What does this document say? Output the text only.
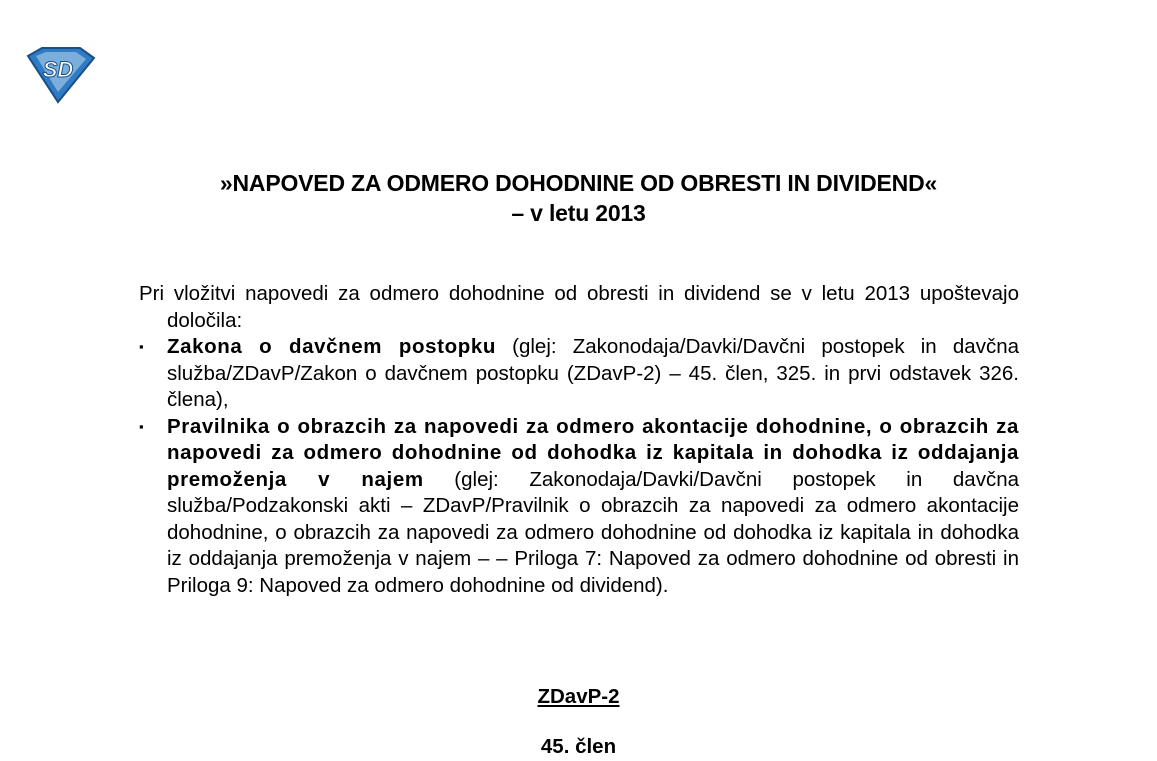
SD
»NAPOVED ZA ODMERO DOHODNINE OD OBRESTI IN DIVIDEND«
– v letu 2013

Pri vložitvi napovedi za odmero dohodnine od obresti in dividend se v letu 2013 upoštevajo določila:

▪ Zakona o davčnem postopku (glej: Zakonodaja/Davki/Davčni postopek in davčna služba/ZDavP/Zakon o davčnem postopku (ZDavP-2) – 45. člen, 325. in prvi odstavek 326. člena),
▪ Pravilnika o obrazcih za napovedi za odmero akontacije dohodnine, o obrazcih za napovedi za odmero dohodnine od dohodka iz kapitala in dohodka iz oddajanja premoženja v najem (glej: Zakonodaja/Davki/Davčni postopek in davčna služba/Podzakonski akti – ZDavP/Pravilnik o obrazcih za napovedi za odmero akontacije dohodnine, o obrazcih za napovedi za odmero dohodnine od dohodka iz kapitala in dohodka iz oddajanja premoženja v najem – – Priloga 7: Napoved za odmero dohodnine od obresti in Priloga 9: Napoved za odmero dohodnine od dividend).
ZDavP-2
45. člen
